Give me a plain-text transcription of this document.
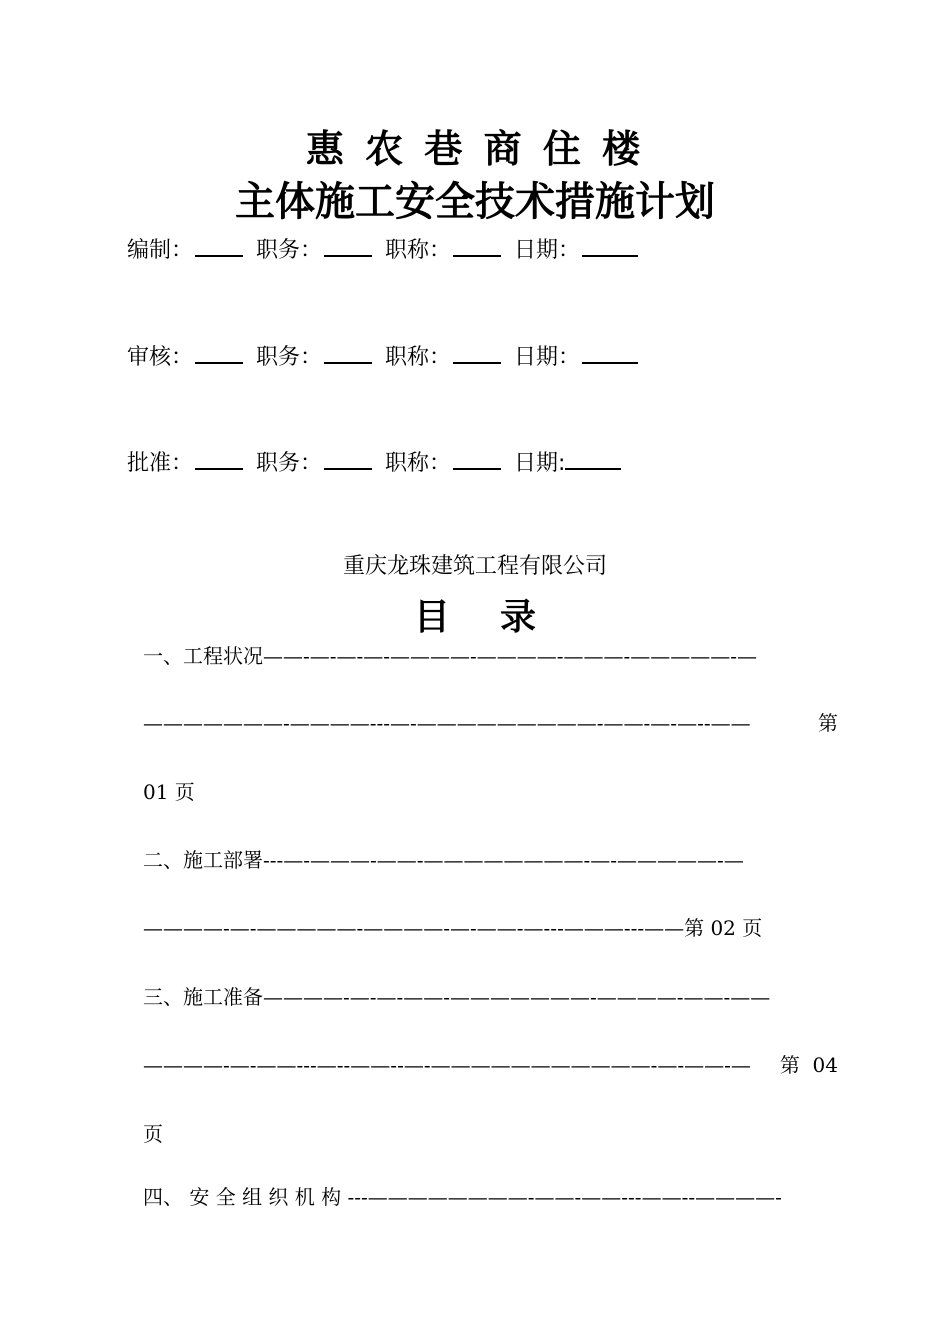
惠 农 巷 商 住 楼
主体施工安全技术措施计划
编制：	职务：	职称：	日期：
审核：	职务：	职称：	日期：
批准：	职务：	职称：	日期:
重庆龙珠建筑工程有限公司
目    录
一、工程状况——-—-—-—-————-————-———-—————-—
———————-————---—-—————————-——-—-—--——	第
01 页
二、施工部署---—-———-——-————————-—-—————-—
————-—-—————-————-—-——-—---———---——第 02 页
三、施工准备————-—-—-——-———————-————-——-——
————-—-——---—--——--—-———————————-—-——-— 第  04
页
四、 安 全 组 织 机 构 ---————————-——-——---——--————-
